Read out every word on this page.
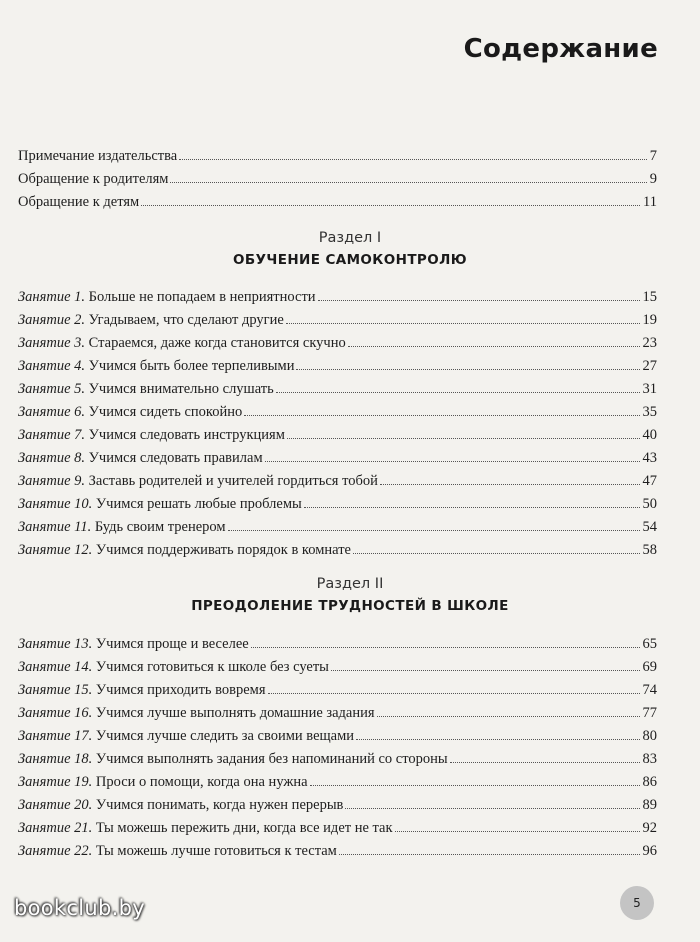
Содержание
Примечание издательства	7
Обращение к родителям	9
Обращение к детям	11
Раздел I
ОБУЧЕНИЕ САМОКОНТРОЛЮ
Занятие 1. Больше не попадаем в неприятности	15
Занятие 2. Угадываем, что сделают другие	19
Занятие 3. Стараемся, даже когда становится скучно	23
Занятие 4. Учимся быть более терпеливыми	27
Занятие 5. Учимся внимательно слушать	31
Занятие 6. Учимся сидеть спокойно	35
Занятие 7. Учимся следовать инструкциям	40
Занятие 8. Учимся следовать правилам	43
Занятие 9. Заставь родителей и учителей гордиться тобой	47
Занятие 10. Учимся решать любые проблемы	50
Занятие 11. Будь своим тренером	54
Занятие 12. Учимся поддерживать порядок в комнате	58
Раздел II
ПРЕОДОЛЕНИЕ ТРУДНОСТЕЙ В ШКОЛЕ
Занятие 13. Учимся проще и веселее	65
Занятие 14. Учимся готовиться к школе без суеты	69
Занятие 15. Учимся приходить вовремя	74
Занятие 16. Учимся лучше выполнять домашние задания	77
Занятие 17. Учимся лучше следить за своими вещами	80
Занятие 18. Учимся выполнять задания без напоминаний со стороны	83
Занятие 19. Проси о помощи, когда она нужна	86
Занятие 20. Учимся понимать, когда нужен перерыв	89
Занятие 21. Ты можешь пережить дни, когда все идет не так	92
Занятие 22. Ты можешь лучше готовиться к тестам	96
bookclub.by	5
